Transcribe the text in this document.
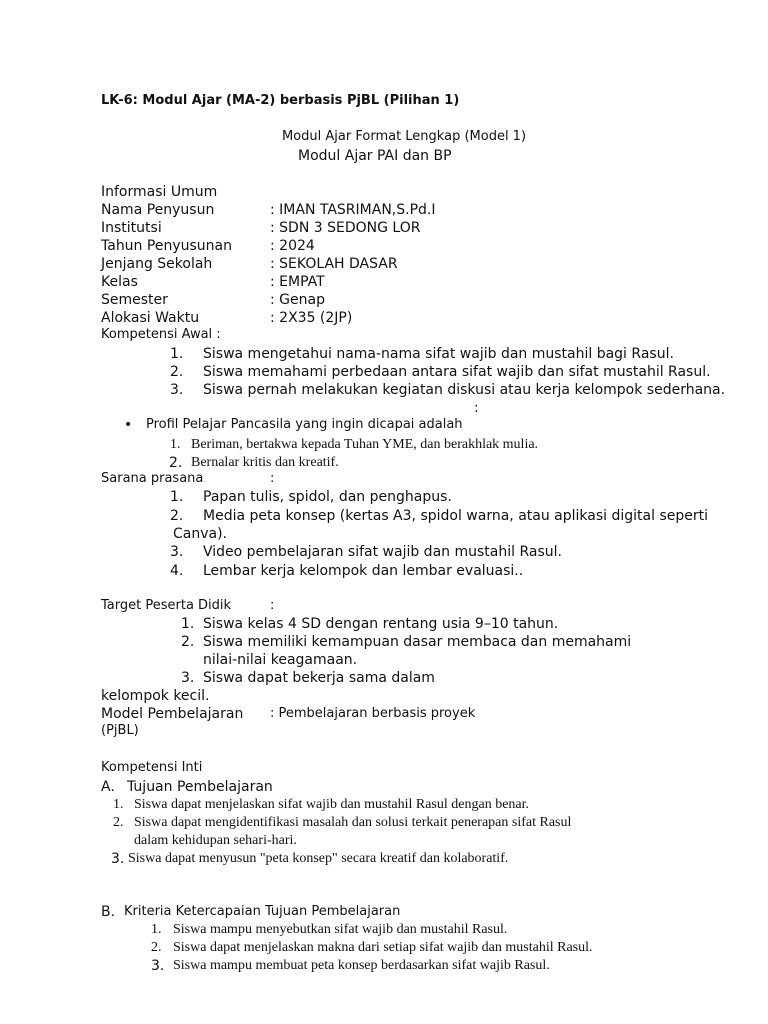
LK-6: Modul Ajar (MA-2) berbasis PjBL (Pilihan 1)
Modul Ajar Format Lengkap (Model 1)
Modul Ajar PAI dan BP
Informasi Umum
Nama Penyusun	: IMAN TASRIMAN,S.Pd.I
Institutsi	: SDN 3 SEDONG LOR
Tahun Penyusunan	: 2024
Jenjang Sekolah	: SEKOLAH DASAR
Kelas	: EMPAT
Semester	: Genap
Alokasi Waktu	: 2X35 (2JP)
Kompetensi Awal :
1. Siswa mengetahui nama-nama sifat wajib dan mustahil bagi Rasul.
2. Siswa memahami perbedaan antara sifat wajib dan sifat mustahil Rasul.
3. Siswa pernah melakukan kegiatan diskusi atau kerja kelompok sederhana.
:
• Profil Pelajar Pancasila yang ingin dicapai adalah
1. Beriman, bertakwa kepada Tuhan YME, dan berakhlak mulia.
2. Bernalar kritis dan kreatif.
Sarana prasana	:
1. Papan tulis, spidol, dan penghapus.
2. Media peta konsep (kertas A3, spidol warna, atau aplikasi digital seperti
Canva).
3. Video pembelajaran sifat wajib dan mustahil Rasul.
4. Lembar kerja kelompok dan lembar evaluasi..
Target Peserta Didik	:
1. Siswa kelas 4 SD dengan rentang usia 9–10 tahun.
2. Siswa memiliki kemampuan dasar membaca dan memahami
nilai-nilai keagamaan.
3. Siswa dapat bekerja sama dalam
kelompok kecil.
Model Pembelajaran : Pembelajaran berbasis proyek
(PjBL)
Kompetensi Inti
A. Tujuan Pembelajaran
1. Siswa dapat menjelaskan sifat wajib dan mustahil Rasul dengan benar.
2. Siswa dapat mengidentifikasi masalah dan solusi terkait penerapan sifat Rasul
dalam kehidupan sehari-hari.
3. Siswa dapat menyusun "peta konsep" secara kreatif dan kolaboratif.
B. Kriteria Ketercapaian Tujuan Pembelajaran
1. Siswa mampu menyebutkan sifat wajib dan mustahil Rasul.
2. Siswa dapat menjelaskan makna dari setiap sifat wajib dan mustahil Rasul.
3. Siswa mampu membuat peta konsep berdasarkan sifat wajib Rasul.
